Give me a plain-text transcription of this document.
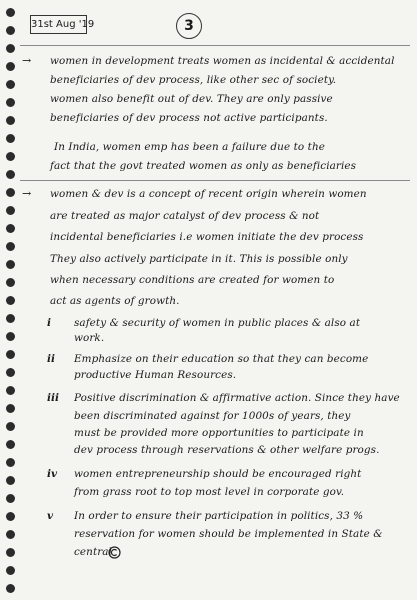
31st Aug '19	3
→ women in development treats women as incidental & accidental
beneficiaries of dev process, like other sec of society.
women also benefit out of dev. They are only passive
beneficiaries of dev process not active participants.
In India, women emp has been a failure due to the
fact that the govt treated women as only as beneficiaries
→ women & dev is a concept of recent origin wherein women
are treated as major catalyst of dev process & not
incidental beneficiaries i.e women initiate the dev process
They also actively participate in it. This is possible only
when necessary conditions are created for women to
act as agents of growth.
i safety & security of women in public places & also at
work.
ii Emphasize on their education so that they can become
productive Human Resources.
iii Positive discrimination & affirmative action. Since they have
been discriminated against for 1000s of years, they
must be provided more opportunities to participate in
dev process through reservations & other welfare progs.
iv women entrepreneurship should be encouraged right
from grass root to top most level in corporate gov.
v In order to ensure their participation in politics, 33 %
reservation for women should be implemented in State &
central
